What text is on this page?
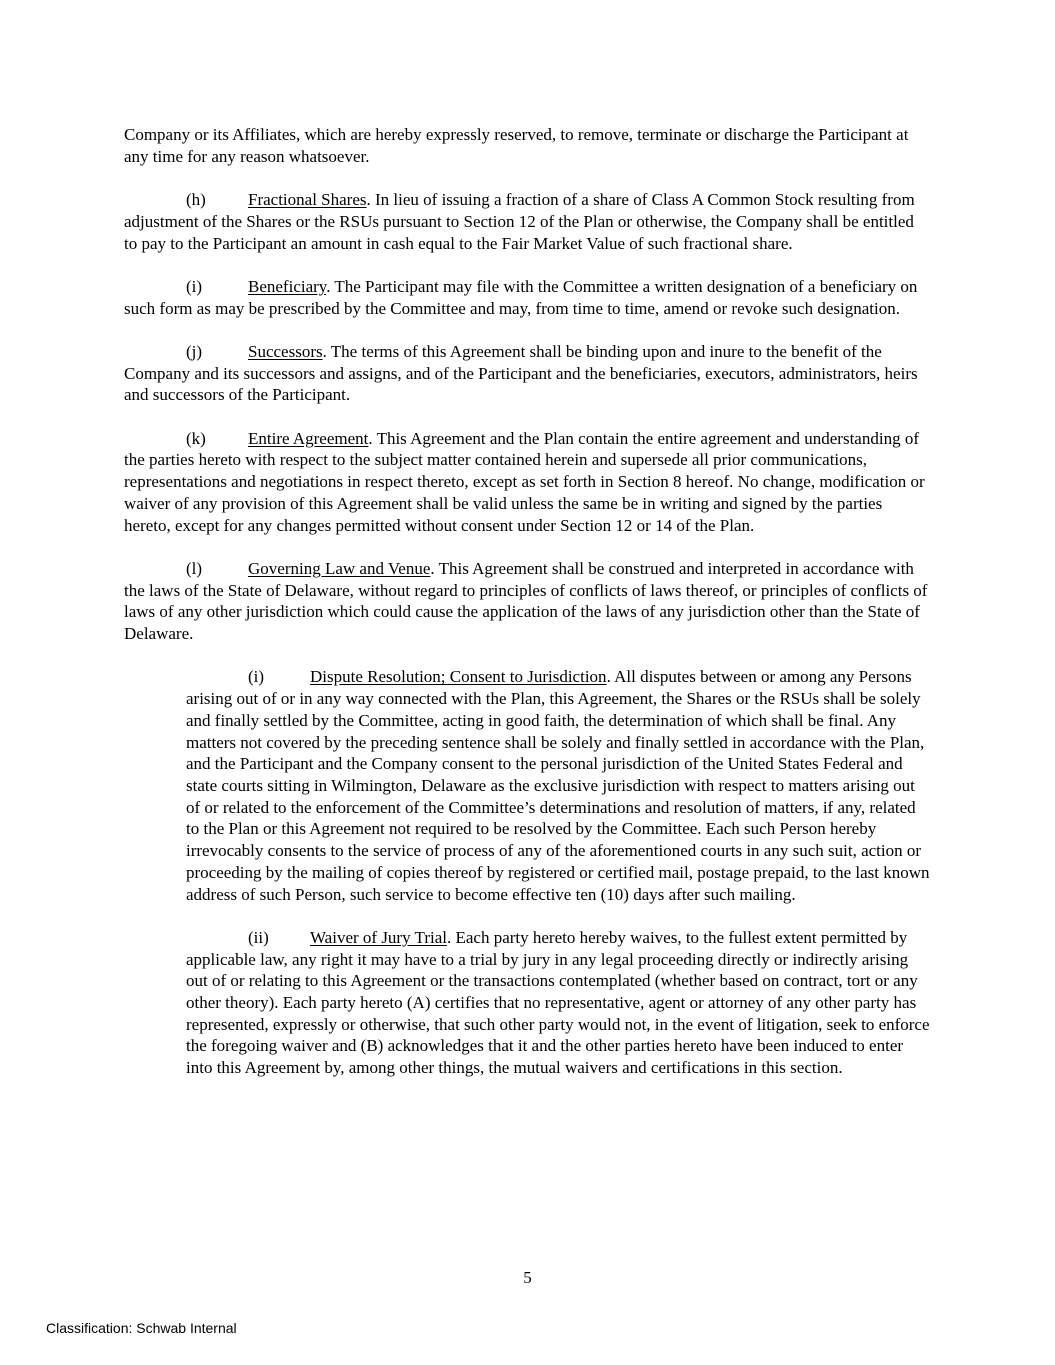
Company or its Affiliates, which are hereby expressly reserved, to remove, terminate or discharge the Participant at any time for any reason whatsoever.

(h) Fractional Shares. In lieu of issuing a fraction of a share of Class A Common Stock resulting from adjustment of the Shares or the RSUs pursuant to Section 12 of the Plan or otherwise, the Company shall be entitled to pay to the Participant an amount in cash equal to the Fair Market Value of such fractional share.

(i)	Beneficiary. The Participant may file with the Committee a written designation of a beneficiary on such form as may be prescribed by the Committee and may, from time to time, amend or revoke such designation.

(j)	Successors. The terms of this Agreement shall be binding upon and inure to the benefit of the Company and its successors and assigns, and of the Participant and the beneficiaries, executors, administrators, heirs and successors of the Participant.

(k) Entire Agreement. This Agreement and the Plan contain the entire agreement and understanding of the parties hereto with respect to the subject matter contained herein and supersede all prior communications, representations and negotiations in respect thereto, except as set forth in Section 8 hereof. No change, modification or waiver of any provision of this Agreement shall be valid unless the same be in writing and signed by the parties hereto, except for any changes permitted without consent under Section 12 or 14 of the Plan.

(l)	Governing Law and Venue. This Agreement shall be construed and interpreted in accordance with the laws of the State of Delaware, without regard to principles of conflicts of laws thereof, or principles of conflicts of laws of any other jurisdiction which could cause the application of the laws of any jurisdiction other than the State of Delaware.

(i)	Dispute Resolution; Consent to Jurisdiction. All disputes between or among any Persons arising out of or in any way connected with the Plan, this Agreement, the Shares or the RSUs shall be solely and finally settled by the Committee, acting in good faith, the determination of which shall be final. Any matters not covered by the preceding sentence shall be solely and finally settled in accordance with the Plan, and the Participant and the Company consent to the personal jurisdiction of the United States Federal and state courts sitting in Wilmington, Delaware as the exclusive jurisdiction with respect to matters arising out of or related to the enforcement of the Committee’s determinations and resolution of matters, if any, related to the Plan or this Agreement not required to be resolved by the Committee. Each such Person hereby irrevocably consents to the service of process of any of the aforementioned courts in any such suit, action or proceeding by the mailing of copies thereof by registered or certified mail, postage prepaid, to the last known address of such Person, such service to become effective ten (10) days after such mailing.

(ii) Waiver of Jury Trial. Each party hereto hereby waives, to the fullest extent permitted by applicable law, any right it may have to a trial by jury in any legal proceeding directly or indirectly arising out of or relating to this Agreement or the transactions contemplated (whether based on contract, tort or any other theory). Each party hereto (A) certifies that no representative, agent or attorney of any other party has represented, expressly or otherwise, that such other party would not, in the event of litigation, seek to enforce the foregoing waiver and (B) acknowledges that it and the other parties hereto have been induced to enter into this Agreement by, among other things, the mutual waivers and certifications in this section.

5
Classification: Schwab Internal
